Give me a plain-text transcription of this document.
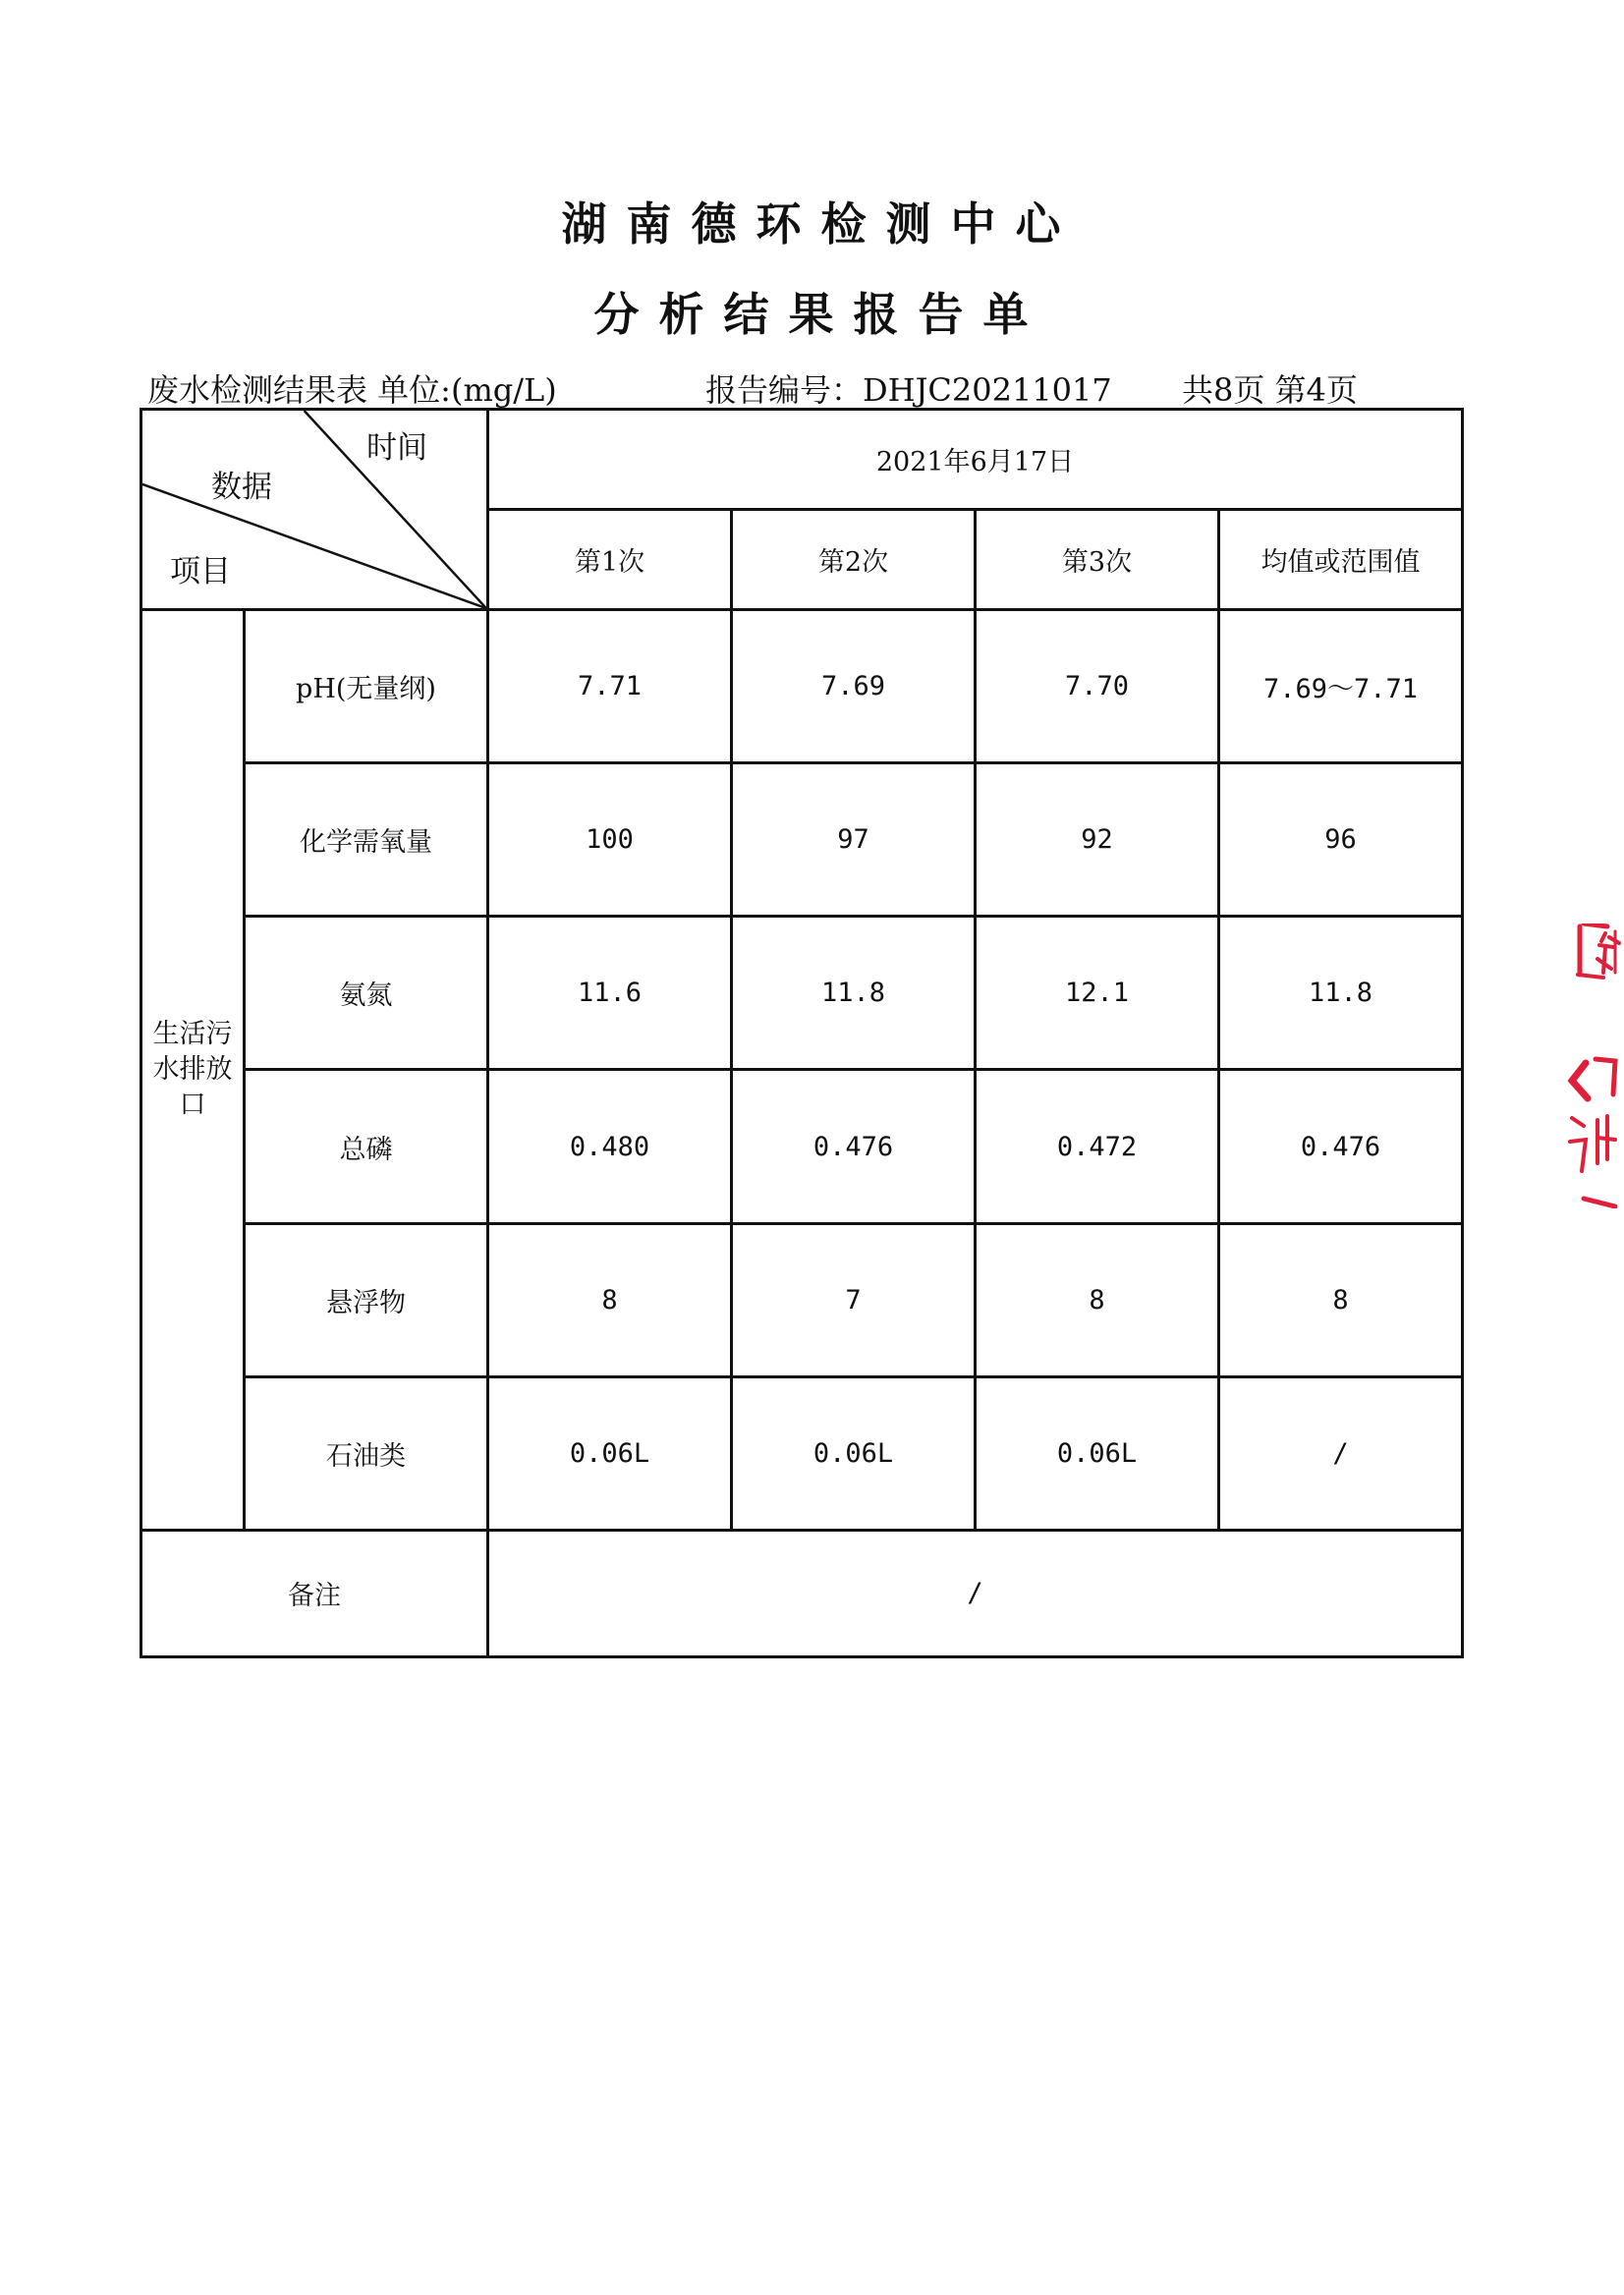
湖 南 德 环 检 测 中 心
分 析 结 果 报 告 单
废水检测结果表 单位:(mg/L)	报告编号：DHJC20211017 共8页 第4页
数据
时间
项目		2021年6月17日			
		第1次	第2次	第3次	均值或范围值

生活污水排放口	pH(无量纲)	7.71	7.69	7.70	7.69～7.71
	化学需氧量	100	97	92	96
	氨氮	11.6	11.8	12.1	11.8
	总磷	0.480	0.476	0.472	0.476
	悬浮物	8	7	8	8
	石油类	0.06L	0.06L	0.06L	/
备注		/			
